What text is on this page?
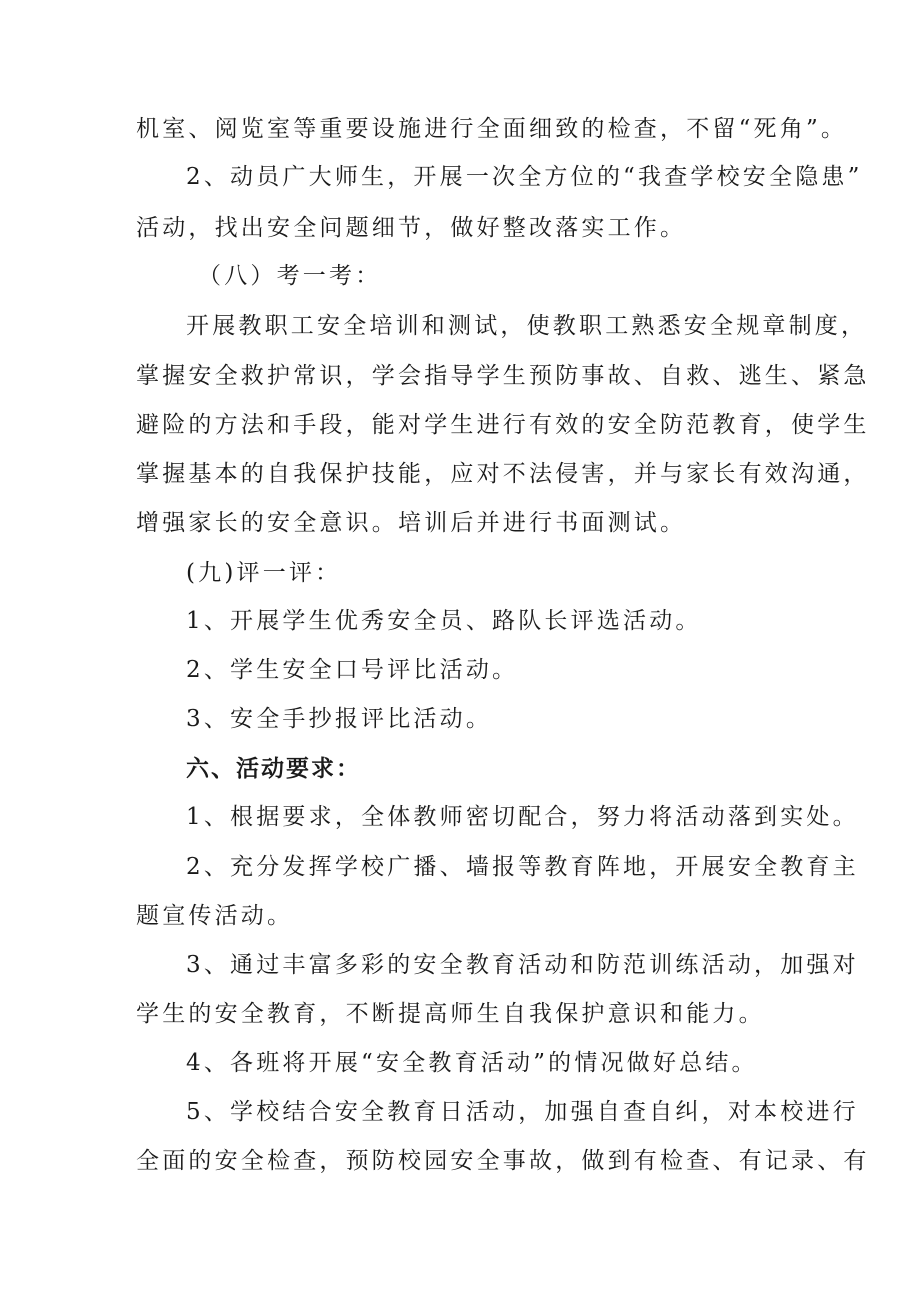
机室、阅览室等重要设施进行全面细致的检查，不留“死角”。
2、动员广大师生，开展一次全方位的“我查学校安全隐患”
活动，找出安全问题细节，做好整改落实工作。
（八）考一考：
开展教职工安全培训和测试，使教职工熟悉安全规章制度，
掌握安全救护常识，学会指导学生预防事故、自救、逃生、紧急
避险的方法和手段，能对学生进行有效的安全防范教育，使学生
掌握基本的自我保护技能，应对不法侵害，并与家长有效沟通，
增强家长的安全意识。培训后并进行书面测试。
(九)评一评：
1、开展学生优秀安全员、路队长评选活动。
2、学生安全口号评比活动。
3、安全手抄报评比活动。
六、活动要求：
1、根据要求，全体教师密切配合，努力将活动落到实处。
2、充分发挥学校广播、墙报等教育阵地，开展安全教育主
题宣传活动。
3、通过丰富多彩的安全教育活动和防范训练活动，加强对
学生的安全教育，不断提高师生自我保护意识和能力。
4、各班将开展“安全教育活动”的情况做好总结。
5、学校结合安全教育日活动，加强自查自纠，对本校进行
全面的安全检查，预防校园安全事故，做到有检查、有记录、有
